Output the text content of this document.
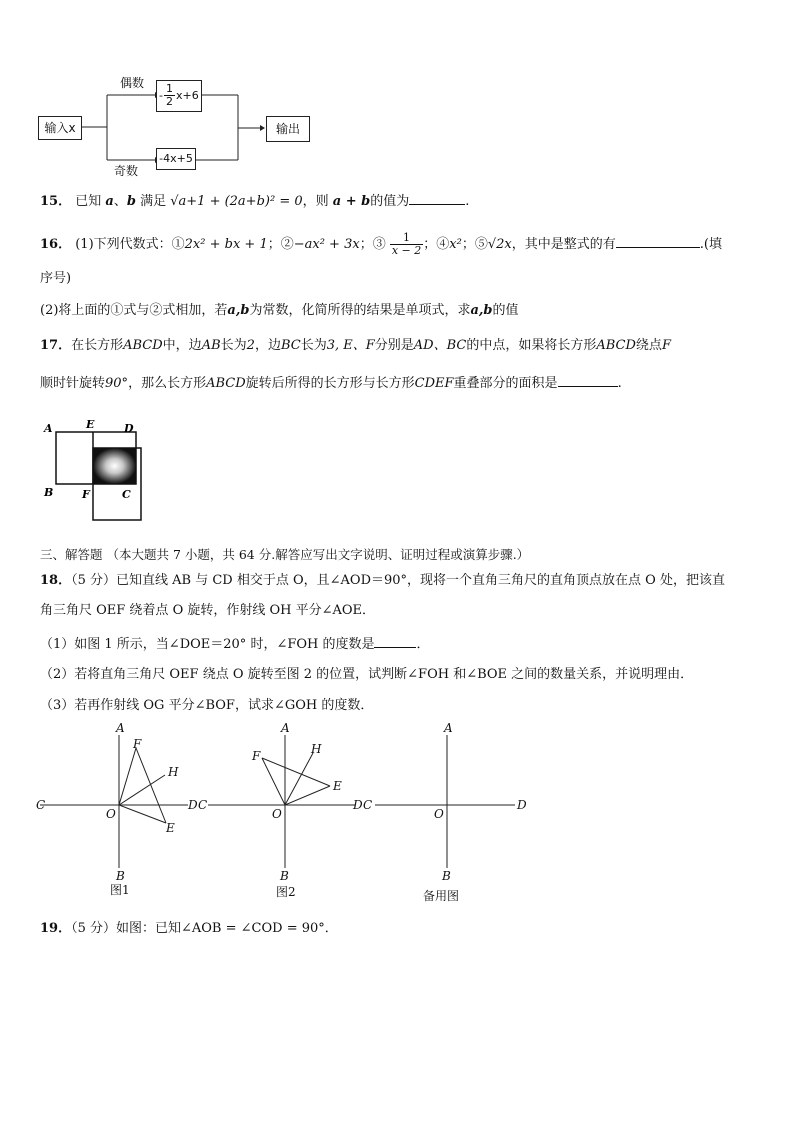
输入x
偶数
- $\frac{1}{2} x+6$
-4x+5
奇数
输出
15． 已知 a、b 满足 √a+1 + (2a+b)² = 0，则 a + b的值为	.
16． (1)下列代数式：①2x² + bx + 1；②−ax² + 3x；③ $\frac{1}{x - 2}$ ；④x²；⑤√2x，其中是整式的有	.(填
序号)
(2)将上面的①式与②式相加，若a,b为常数，化简所得的结果是单项式，求a,b的值
17．在长方形ABCD中，边AB长为2，边BC长为3, E、F分别是AD、BC的中点，如果将长方形ABCD绕点F
顺时针旋转90°，那么长方形ABCD旋转后所得的长方形与长方形CDEF重叠部分的面积是	.
A	E	D
B	F	C
三、解答题 （本大题共 7 小题，共 64 分.解答应写出文字说明、证明过程或演算步骤.）
18．（5 分）已知直线 AB 与 CD 相交于点 O，且∠AOD＝90°，现将一个直角三角尺的直角顶点放在点 O 处，把该直
角三角尺 OEF 绕着点 O 旋转，作射线 OH 平分∠AOE．
（1）如图 1 所示，当∠DOE＝20° 时，∠FOH 的度数是	．
（2）若将直角三角尺 OEF 绕点 O 旋转至图 2 的位置，试判断∠FOH 和∠BOE 之间的数量关系，并说明理由．
（3）若再作射线 OG 平分∠BOF，试求∠GOH 的度数．
A
F
H
C	D
O
E
B
A
F	H
E
C	D
O
B
A
C	D
O
B
图1	图2	备用图
19．（5 分）如图：已知∠AOB = ∠COD = 90°．
